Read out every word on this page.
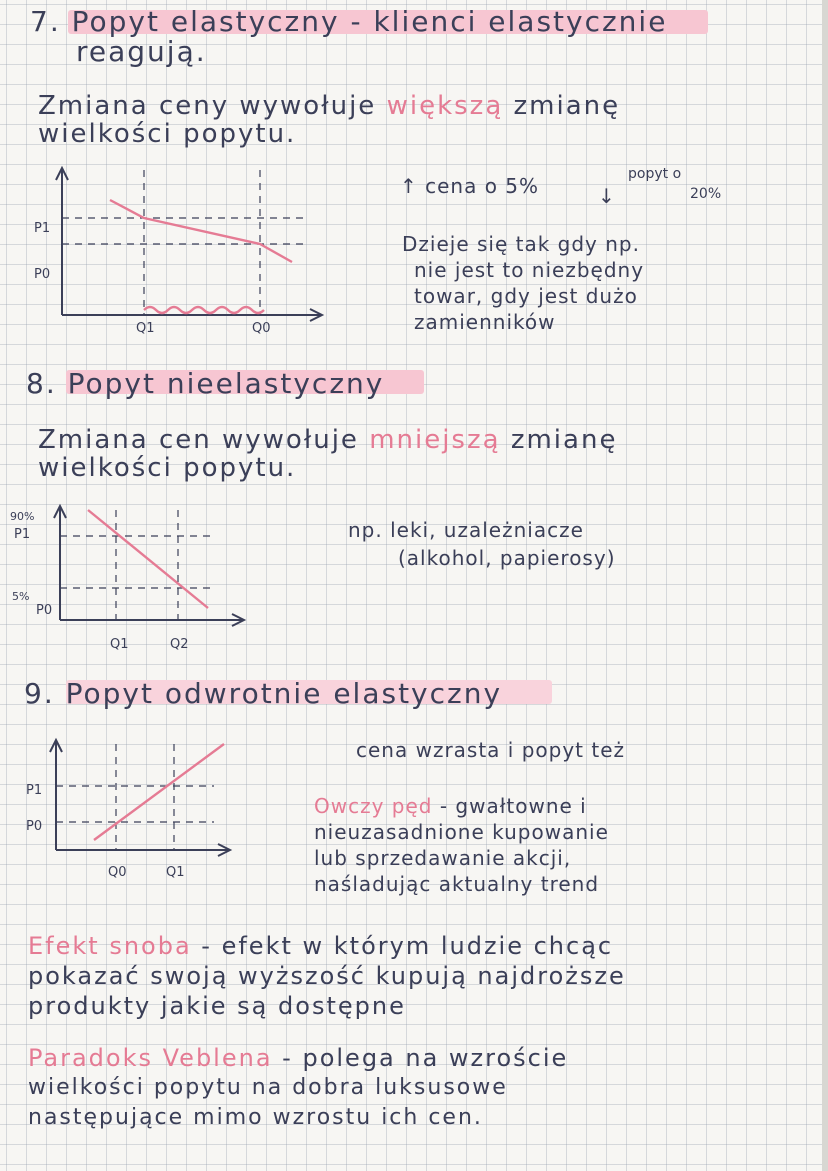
7. Popyt elastyczny - klienci elastycznie
reagują.
Zmiana ceny wywołuje większą zmianę
wielkości popytu.
↑ cena o 5%	↓
popyt o
20%
Dzieje się tak gdy np.
nie jest to niezbędny
towar, gdy jest dużo
zamienników
P1
P0
Q1	Q0
8. Popyt nieelastyczny
Zmiana cen wywołuje mniejszą zmianę
wielkości popytu.
np. leki, uzależniacze
(alkohol, papierosy)
90%
P1
5%
P0
Q1	Q2
9. Popyt odwrotnie elastyczny
cena wzrasta i popyt też
Owczy pęd - gwałtowne i
nieuzasadnione kupowanie
lub sprzedawanie akcji,
naśladując aktualny trend
P1
P0
Q0	Q1
Efekt snoba - efekt w którym ludzie chcąc
pokazać swoją wyższość kupują najdroższe
produkty jakie są dostępne
Paradoks Veblena - polega na wzroście
wielkości popytu na dobra luksusowe
następujące mimo wzrostu ich cen.
